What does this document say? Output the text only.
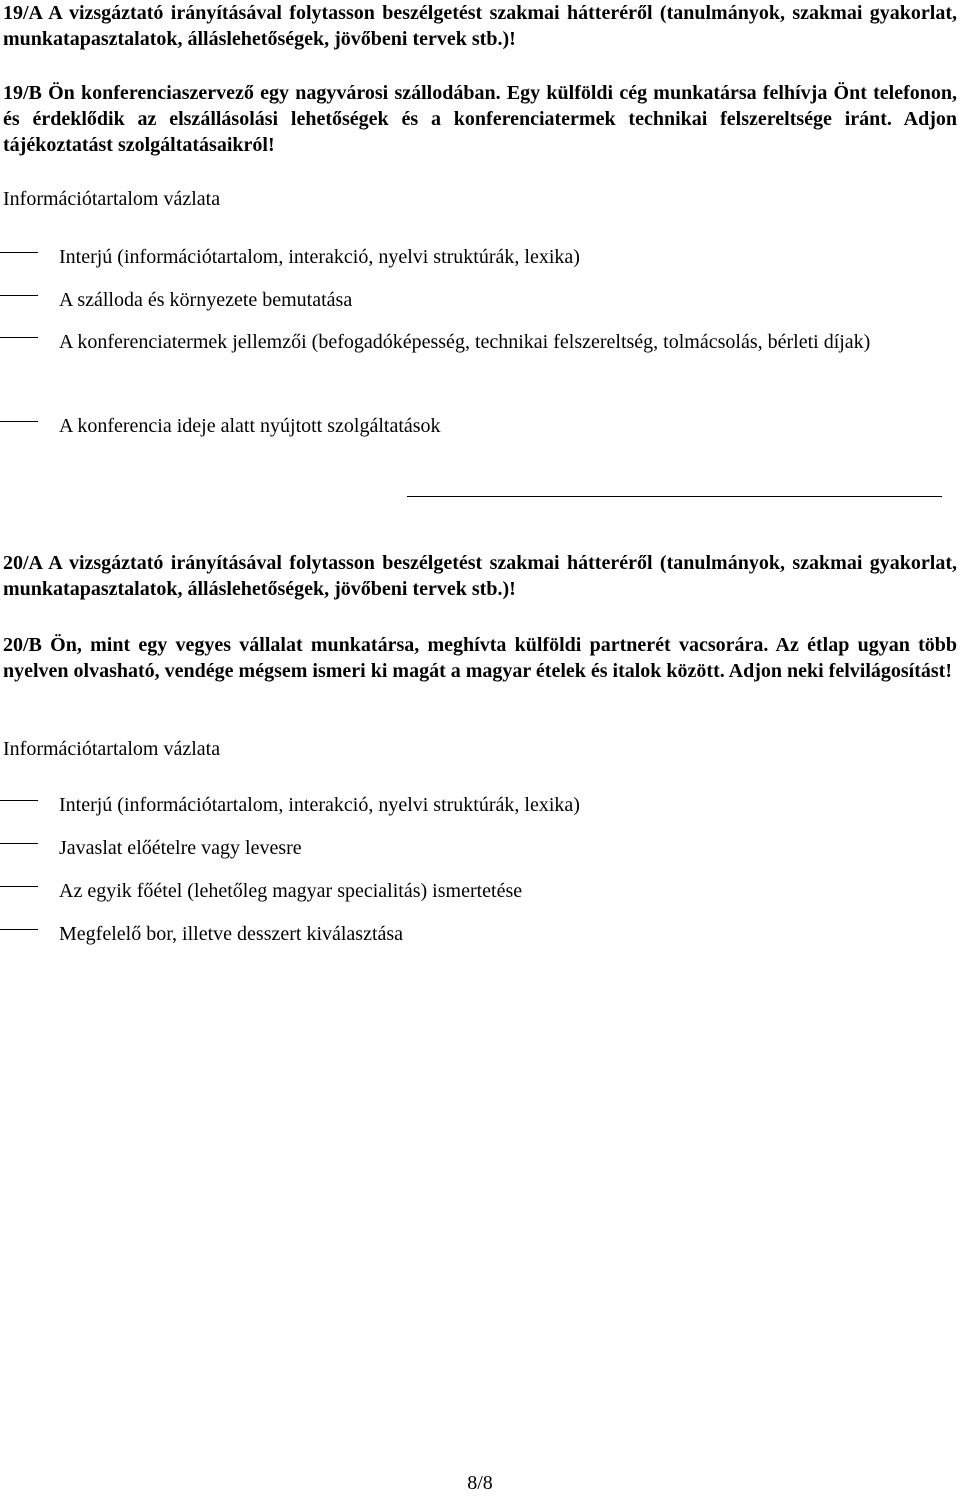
19/A A vizsgáztató irányításával folytasson beszélgetést szakmai hátteréről (tanulmányok, szakmai gyakorlat, munkatapasztalatok, álláslehetőségek, jövőbeni tervek stb.)!

19/B Ön konferenciaszervező egy nagyvárosi szállodában. Egy külföldi cég munkatársa felhívja Önt telefonon, és érdeklődik az elszállásolási lehetőségek és a konferenciatermek technikai felszereltsége iránt. Adjon tájékoztatást szolgáltatásaikról!

Információtartalom vázlata

Interjú (információtartalom, interakció, nyelvi struktúrák, lexika)
A szálloda és környezete bemutatása
A konferenciatermek jellemzői (befogadóképesség, technikai felszereltség, tolmácsolás, bérleti díjak)
A konferencia ideje alatt nyújtott szolgáltatások

20/A A vizsgáztató irányításával folytasson beszélgetést szakmai hátteréről (tanulmányok, szakmai gyakorlat, munkatapasztalatok, álláslehetőségek, jövőbeni tervek stb.)!

20/B Ön, mint egy vegyes vállalat munkatársa, meghívta külföldi partnerét vacsorára. Az étlap ugyan több nyelven olvasható, vendége mégsem ismeri ki magát a magyar ételek és italok között. Adjon neki felvilágosítást!

Információtartalom vázlata

Interjú (információtartalom, interakció, nyelvi struktúrák, lexika)
Javaslat előételre vagy levesre
Az egyik főétel (lehetőleg magyar specialitás) ismertetése
Megfelelő bor, illetve desszert kiválasztása
8/8
